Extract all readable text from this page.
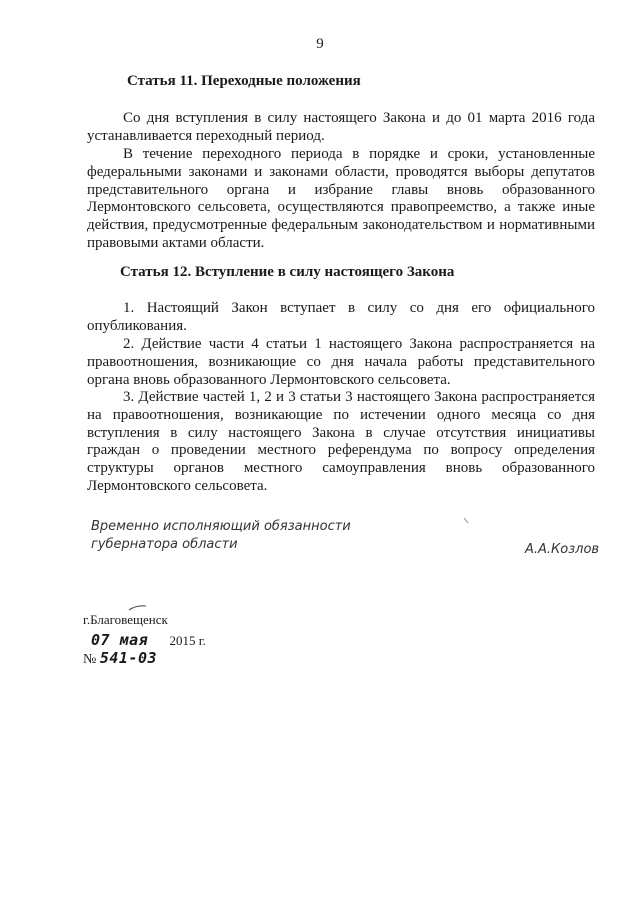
9
Статья 11. Переходные положения

Со дня вступления в силу настоящего Закона и до 01 марта 2016 года устанавливается переходный период.

В течение переходного периода в порядке и сроки, установленные федеральными законами и законами области, проводятся выборы депутатов представительного органа и избрание главы вновь образованного Лермонтовского сельсовета, осуществляются правопреемство, а также иные действия, предусмотренные федеральным законодательством и нормативными правовыми актами области.

Статья 12. Вступление в силу настоящего Закона

1. Настоящий Закон вступает в силу со дня его официального опубликования.

2. Действие части 4 статьи 1 настоящего Закона распространяется на правоотношения, возникающие со дня начала работы представительного органа вновь образованного Лермонтовского сельсовета.

3. Действие частей 1, 2 и 3 статьи 3 настоящего Закона распространяется на правоотношения, возникающие по истечении одного месяца со дня вступления в силу настоящего Закона в случае отсутствия инициативы граждан о проведении местного референдума по вопросу определения структуры органов местного самоуправления вновь образованного Лермонтовского сельсовета.

Временно исполняющий обязанности
губернатора области	А.А.Козлов
г.Благовещенск
07 мая 2015 г.
№ 541-03
